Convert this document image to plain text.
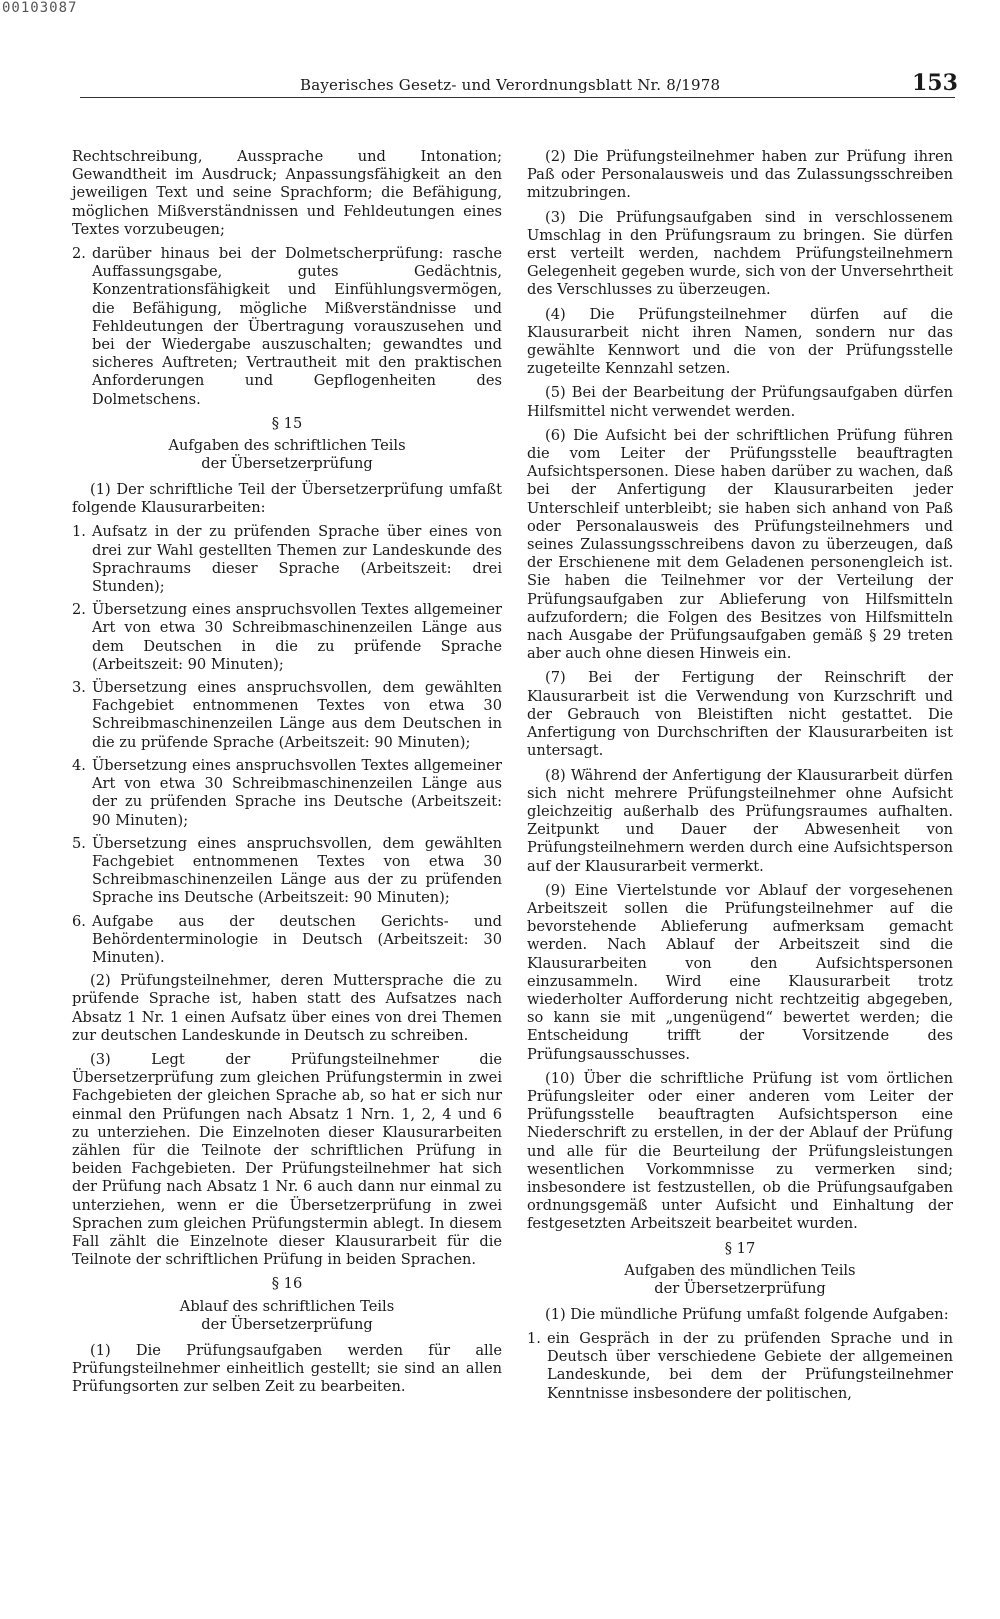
00103087
Bayerisches Gesetz- und Verordnungsblatt Nr. 8/1978	153

Rechtschreibung, Aussprache und Intonation; Gewandtheit im Ausdruck; Anpassungsfähigkeit an den jeweiligen Text und seine Sprachform; die Befähigung, möglichen Mißverständnissen und Fehldeutungen eines Textes vorzubeugen;

2. darüber hinaus bei der Dolmetscherprüfung: rasche Auffassungsgabe, gutes Gedächtnis, Konzentrationsfähigkeit und Einfühlungsvermögen, die Befähigung, mögliche Mißverständnisse und Fehldeutungen der Übertragung vorauszusehen und bei der Wiedergabe auszuschalten; gewandtes und sicheres Auftreten; Vertrautheit mit den praktischen Anforderungen und Gepflogenheiten des Dolmetschens.
§ 15
Aufgaben des schriftlichen Teils
der Übersetzerprüfung

(1) Der schriftliche Teil der Übersetzerprüfung umfaßt folgende Klausurarbeiten:

1. Aufsatz in der zu prüfenden Sprache über eines von drei zur Wahl gestellten Themen zur Landeskunde des Sprachraums dieser Sprache (Arbeitszeit: drei Stunden);
2. Übersetzung eines anspruchsvollen Textes allgemeiner Art von etwa 30 Schreibmaschinenzeilen Länge aus dem Deutschen in die zu prüfende Sprache (Arbeitszeit: 90 Minuten);
3. Übersetzung eines anspruchsvollen, dem gewählten Fachgebiet entnommenen Textes von etwa 30 Schreibmaschinenzeilen Länge aus dem Deutschen in die zu prüfende Sprache (Arbeitszeit: 90 Minuten);
4. Übersetzung eines anspruchsvollen Textes allgemeiner Art von etwa 30 Schreibmaschinenzeilen Länge aus der zu prüfenden Sprache ins Deutsche (Arbeitszeit: 90 Minuten);
5. Übersetzung eines anspruchsvollen, dem gewählten Fachgebiet entnommenen Textes von etwa 30 Schreibmaschinenzeilen Länge aus der zu prüfenden Sprache ins Deutsche (Arbeitszeit: 90 Minuten);
6. Aufgabe aus der deutschen Gerichts- und Behördenterminologie in Deutsch (Arbeitszeit: 30 Minuten).

(2) Prüfungsteilnehmer, deren Muttersprache die zu prüfende Sprache ist, haben statt des Aufsatzes nach Absatz 1 Nr. 1 einen Aufsatz über eines von drei Themen zur deutschen Landeskunde in Deutsch zu schreiben.

(3) Legt der Prüfungsteilnehmer die Übersetzerprüfung zum gleichen Prüfungstermin in zwei Fachgebieten der gleichen Sprache ab, so hat er sich nur einmal den Prüfungen nach Absatz 1 Nrn. 1, 2, 4 und 6 zu unterziehen. Die Einzelnoten dieser Klausurarbeiten zählen für die Teilnote der schriftlichen Prüfung in beiden Fachgebieten. Der Prüfungsteilnehmer hat sich der Prüfung nach Absatz 1 Nr. 6 auch dann nur einmal zu unterziehen, wenn er die Übersetzerprüfung in zwei Sprachen zum gleichen Prüfungstermin ablegt. In diesem Fall zählt die Einzelnote dieser Klausurarbeit für die Teilnote der schriftlichen Prüfung in beiden Sprachen.

§ 16
Ablauf des schriftlichen Teils
der Übersetzerprüfung

(1) Die Prüfungsaufgaben werden für alle Prüfungsteilnehmer einheitlich gestellt; sie sind an allen Prüfungsorten zur selben Zeit zu bearbeiten.

(2) Die Prüfungsteilnehmer haben zur Prüfung ihren Paß oder Personalausweis und das Zulassungsschreiben mitzubringen.

(3) Die Prüfungsaufgaben sind in verschlossenem Umschlag in den Prüfungsraum zu bringen. Sie dürfen erst verteilt werden, nachdem Prüfungsteilnehmern Gelegenheit gegeben wurde, sich von der Unversehrtheit des Verschlusses zu überzeugen.

(4) Die Prüfungsteilnehmer dürfen auf die Klausurarbeit nicht ihren Namen, sondern nur das gewählte Kennwort und die von der Prüfungsstelle zugeteilte Kennzahl setzen.

(5) Bei der Bearbeitung der Prüfungsaufgaben dürfen Hilfsmittel nicht verwendet werden.

(6) Die Aufsicht bei der schriftlichen Prüfung führen die vom Leiter der Prüfungsstelle beauftragten Aufsichtspersonen. Diese haben darüber zu wachen, daß bei der Anfertigung der Klausurarbeiten jeder Unterschleif unterbleibt; sie haben sich anhand von Paß oder Personalausweis des Prüfungsteilnehmers und seines Zulassungsschreibens davon zu überzeugen, daß der Erschienene mit dem Geladenen personengleich ist. Sie haben die Teilnehmer vor der Verteilung der Prüfungsaufgaben zur Ablieferung von Hilfsmitteln aufzufordern; die Folgen des Besitzes von Hilfsmitteln nach Ausgabe der Prüfungsaufgaben gemäß § 29 treten aber auch ohne diesen Hinweis ein.

(7) Bei der Fertigung der Reinschrift der Klausurarbeit ist die Verwendung von Kurzschrift und der Gebrauch von Bleistiften nicht gestattet. Die Anfertigung von Durchschriften der Klausurarbeiten ist untersagt.

(8) Während der Anfertigung der Klausurarbeit dürfen sich nicht mehrere Prüfungsteilnehmer ohne Aufsicht gleichzeitig außerhalb des Prüfungsraumes aufhalten. Zeitpunkt und Dauer der Abwesenheit von Prüfungsteilnehmern werden durch eine Aufsichtsperson auf der Klausurarbeit vermerkt.

(9) Eine Viertelstunde vor Ablauf der vorgesehenen Arbeitszeit sollen die Prüfungsteilnehmer auf die bevorstehende Ablieferung aufmerksam gemacht werden. Nach Ablauf der Arbeitszeit sind die Klausurarbeiten von den Aufsichtspersonen einzusammeln. Wird eine Klausurarbeit trotz wiederholter Aufforderung nicht rechtzeitig abgegeben, so kann sie mit „ungenügend“ bewertet werden; die Entscheidung trifft der Vorsitzende des Prüfungsausschusses.

(10) Über die schriftliche Prüfung ist vom örtlichen Prüfungsleiter oder einer anderen vom Leiter der Prüfungsstelle beauftragten Aufsichtsperson eine Niederschrift zu erstellen, in der der Ablauf der Prüfung und alle für die Beurteilung der Prüfungsleistungen wesentlichen Vorkommnisse zu vermerken sind; insbesondere ist festzustellen, ob die Prüfungsaufgaben ordnungsgemäß unter Aufsicht und Einhaltung der festgesetzten Arbeitszeit bearbeitet wurden.

§ 17
Aufgaben des mündlichen Teils
der Übersetzerprüfung

(1) Die mündliche Prüfung umfaßt folgende Aufgaben:

1. ein Gespräch in der zu prüfenden Sprache und in Deutsch über verschiedene Gebiete der allgemeinen Landeskunde, bei dem der Prüfungsteilnehmer Kenntnisse insbesondere der politischen,
